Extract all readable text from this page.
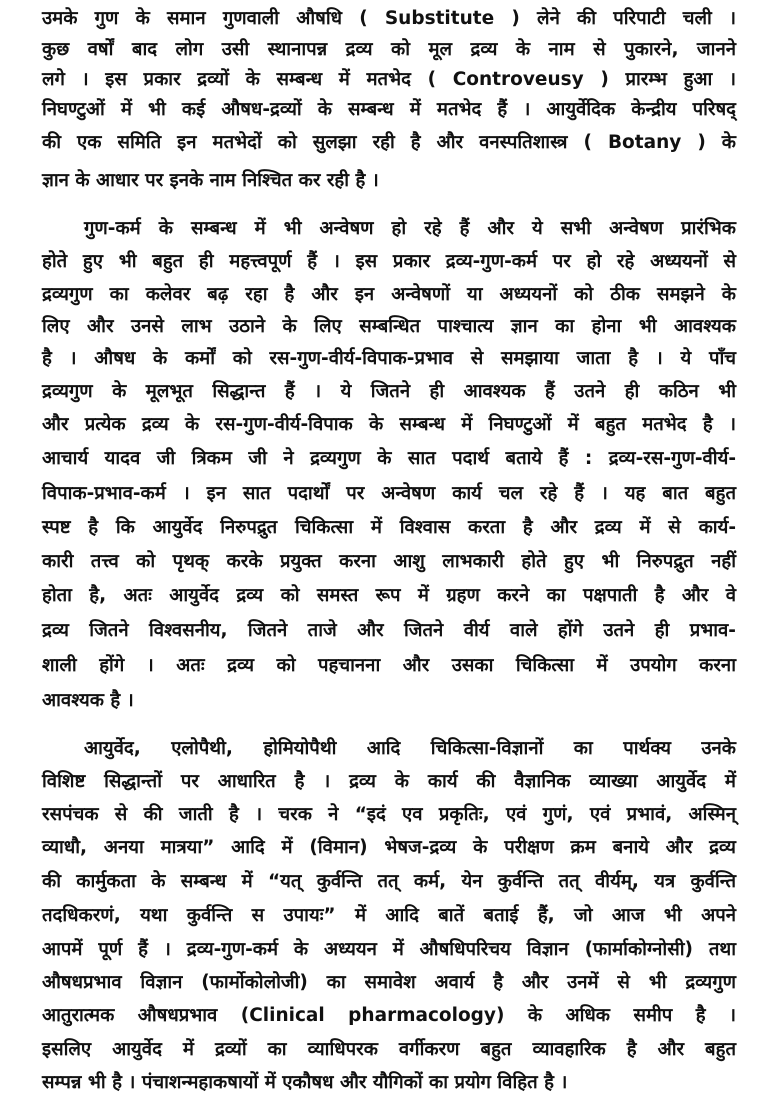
उमके गुण के समान गुणवाली औषधि ( Substitute ) लेने की परिपाटी चली ।
कुछ वर्षों बाद लोग उसी स्थानापन्न द्रव्य को मूल द्रव्य के नाम से पुकारने, जानने
लगे । इस प्रकार द्रव्यों के सम्बन्ध में मतभेद ( Controveusy ) प्रारम्भ हुआ ।
निघण्टुओं में भी कई औषध-द्रव्यों के सम्बन्ध में मतभेद हैं । आयुर्वेदिक केन्द्रीय परिषद्
की एक समिति इन मतभेदों को सुलझा रही है और वनस्पतिशास्त्र ( Botany ) के
ज्ञान के आधार पर इनके नाम निश्चित कर रही है ।
गुण-कर्म के सम्बन्ध में भी अन्वेषण हो रहे हैं और ये सभी अन्वेषण प्रारंभिक
होते हुए भी बहुत ही महत्त्वपूर्ण हैं । इस प्रकार द्रव्य-गुण-कर्म पर हो रहे अध्ययनों से
द्रव्यगुण का कलेवर बढ़ रहा है और इन अन्वेषणों या अध्ययनों को ठीक समझने के
लिए और उनसे लाभ उठाने के लिए सम्बन्धित पाश्चात्य ज्ञान का होना भी आवश्यक
है । औषध के कर्मों को रस-गुण-वीर्य-विपाक-प्रभाव से समझाया जाता है । ये पाँच
द्रव्यगुण के मूलभूत सिद्धान्त हैं । ये जितने ही आवश्यक हैं उतने ही कठिन भी
और प्रत्येक द्रव्य के रस-गुण-वीर्य-विपाक के सम्बन्ध में निघण्टुओं में बहुत मतभेद है ।
आचार्य यादव जी त्रिकम जी ने द्रव्यगुण के सात पदार्थ बताये हैं : द्रव्य-रस-गुण-वीर्य-
विपाक-प्रभाव-कर्म । इन सात पदार्थों पर अन्वेषण कार्य चल रहे हैं । यह बात बहुत
स्पष्ट है कि आयुर्वेद निरुपद्रुत चिकित्सा में विश्वास करता है और द्रव्य में से कार्य-
कारी तत्त्व को पृथक् करके प्रयुक्त करना आशु लाभकारी होते हुए भी निरुपद्रुत नहीं
होता है, अतः आयुर्वेद द्रव्य को समस्त रूप में ग्रहण करने का पक्षपाती है और वे
द्रव्य जितने विश्वसनीय, जितने ताजे और जितने वीर्य वाले होंगे उतने ही प्रभाव-
शाली होंगे । अतः द्रव्य को पहचानना और उसका चिकित्सा में उपयोग करना
आवश्यक है ।
आयुर्वेद, एलोपैथी, होमियोपैथी आदि चिकित्सा-विज्ञानों का पार्थक्य उनके
विशिष्ट सिद्धान्तों पर आधारित है । द्रव्य के कार्य की वैज्ञानिक व्याख्या आयुर्वेद में
रसपंचक से की जाती है । चरक ने “इदं एव प्रकृतिः, एवं गुणं, एवं प्रभावं, अस्मिन्
व्याधौ, अनया मात्रया” आदि में (विमान) भेषज-द्रव्य के परीक्षण क्रम बनाये और द्रव्य
की कार्मुकता के सम्बन्ध में “यत् कुर्वन्ति तत् कर्म, येन कुर्वन्ति तत् वीर्यम्, यत्र कुर्वन्ति
तदधिकरणं, यथा कुर्वन्ति स उपायः” में आदि बातें बताई हैं, जो आज भी अपने
आपमें पूर्ण हैं । द्रव्य-गुण-कर्म के अध्ययन में औषधिपरिचय विज्ञान (फार्माकोग्नोसी) तथा
औषधप्रभाव विज्ञान (फार्मोकोलोजी) का समावेश अवार्य है और उनमें से भी द्रव्यगुण
आतुरात्मक औषधप्रभाव (Clinical pharmacology) के अधिक समीप है ।
इसलिए आयुर्वेद में द्रव्यों का व्याधिपरक वर्गीकरण बहुत व्यावहारिक है और बहुत
सम्पन्न भी है । पंचाशन्महाकषायों में एकौषध और यौगिकों का प्रयोग विहित है ।
